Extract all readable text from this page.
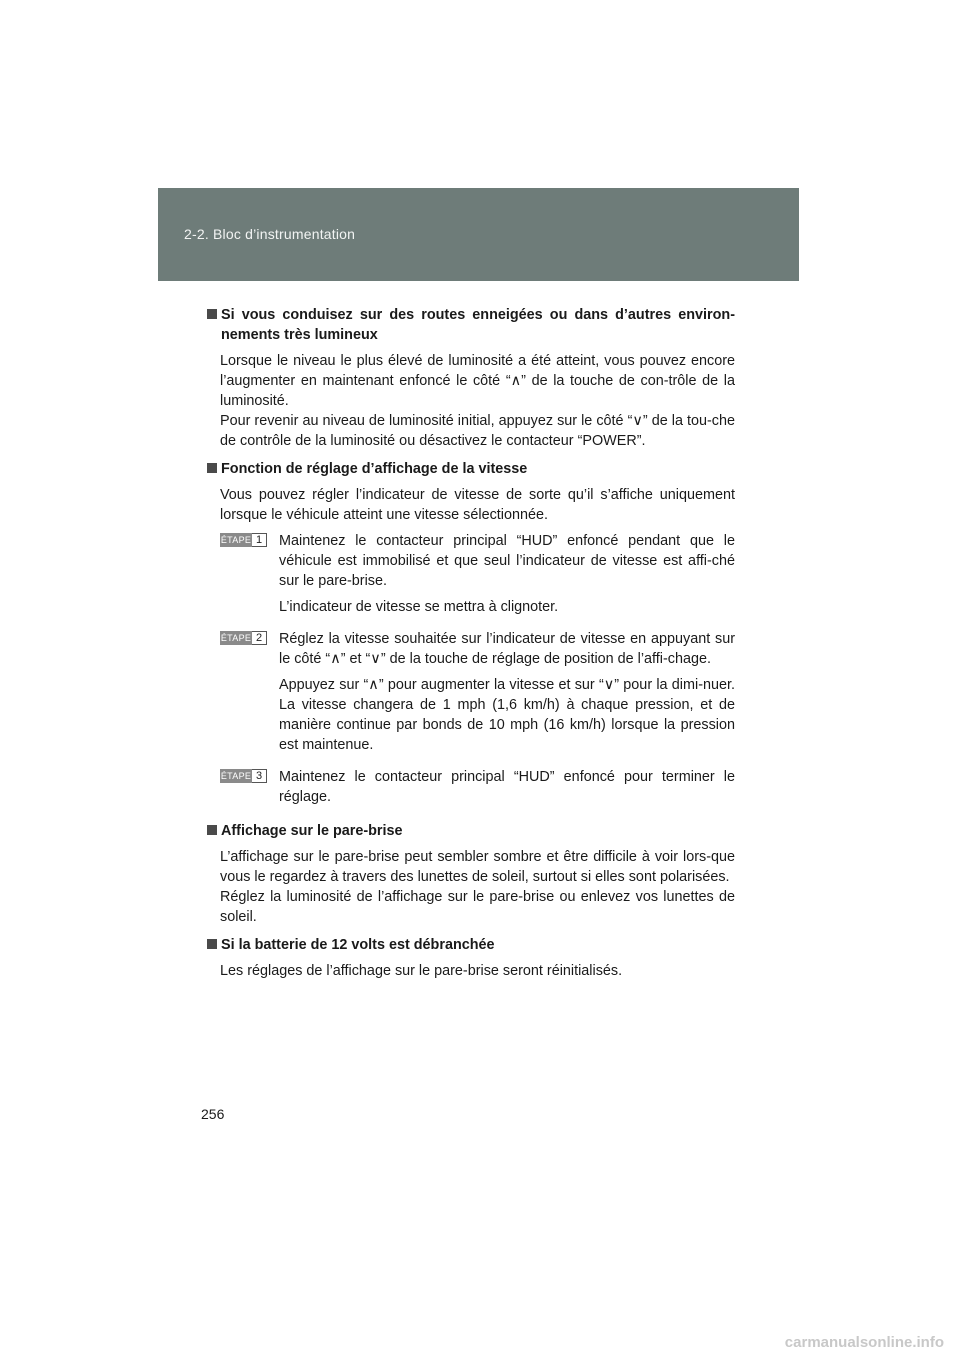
2-2. Bloc d’instrumentation
Si vous conduisez sur des routes enneigées ou dans d’autres environ-nements très lumineux
Lorsque le niveau le plus élevé de luminosité a été atteint, vous pouvez encore l’augmenter en maintenant enfoncé le côté “∧” de la touche de con-trôle de la luminosité.
Pour revenir au niveau de luminosité initial, appuyez sur le côté “∨” de la tou-che de contrôle de la luminosité ou désactivez le contacteur “POWER”.
Fonction de réglage d’affichage de la vitesse
Vous pouvez régler l’indicateur de vitesse de sorte qu’il s’affiche uniquement lorsque le véhicule atteint une vitesse sélectionnée.
ÉTAPE 1	Maintenez le contacteur principal “HUD” enfoncé pendant que le véhicule est immobilisé et que seul l’indicateur de vitesse est affi-ché sur le pare-brise.

L’indicateur de vitesse se mettra à clignoter.

ÉTAPE 2	Réglez la vitesse souhaitée sur l’indicateur de vitesse en appuyant sur le côté “∧” et “∨” de la touche de réglage de position de l’affi-chage.

Appuyez sur “∧” pour augmenter la vitesse et sur “∨” pour la dimi-nuer. La vitesse changera de 1 mph (1,6 km/h) à chaque pression, et de manière continue par bonds de 10 mph (16 km/h) lorsque la pression est maintenue.

ÉTAPE 3	Maintenez le contacteur principal “HUD” enfoncé pour terminer le réglage.

Affichage sur le pare-brise
L’affichage sur le pare-brise peut sembler sombre et être difficile à voir lors-que vous le regardez à travers des lunettes de soleil, surtout si elles sont polarisées.
Réglez la luminosité de l’affichage sur le pare-brise ou enlevez vos lunettes de soleil.
Si la batterie de 12 volts est débranchée
Les réglages de l’affichage sur le pare-brise seront réinitialisés.
256
carmanualsonline.info
